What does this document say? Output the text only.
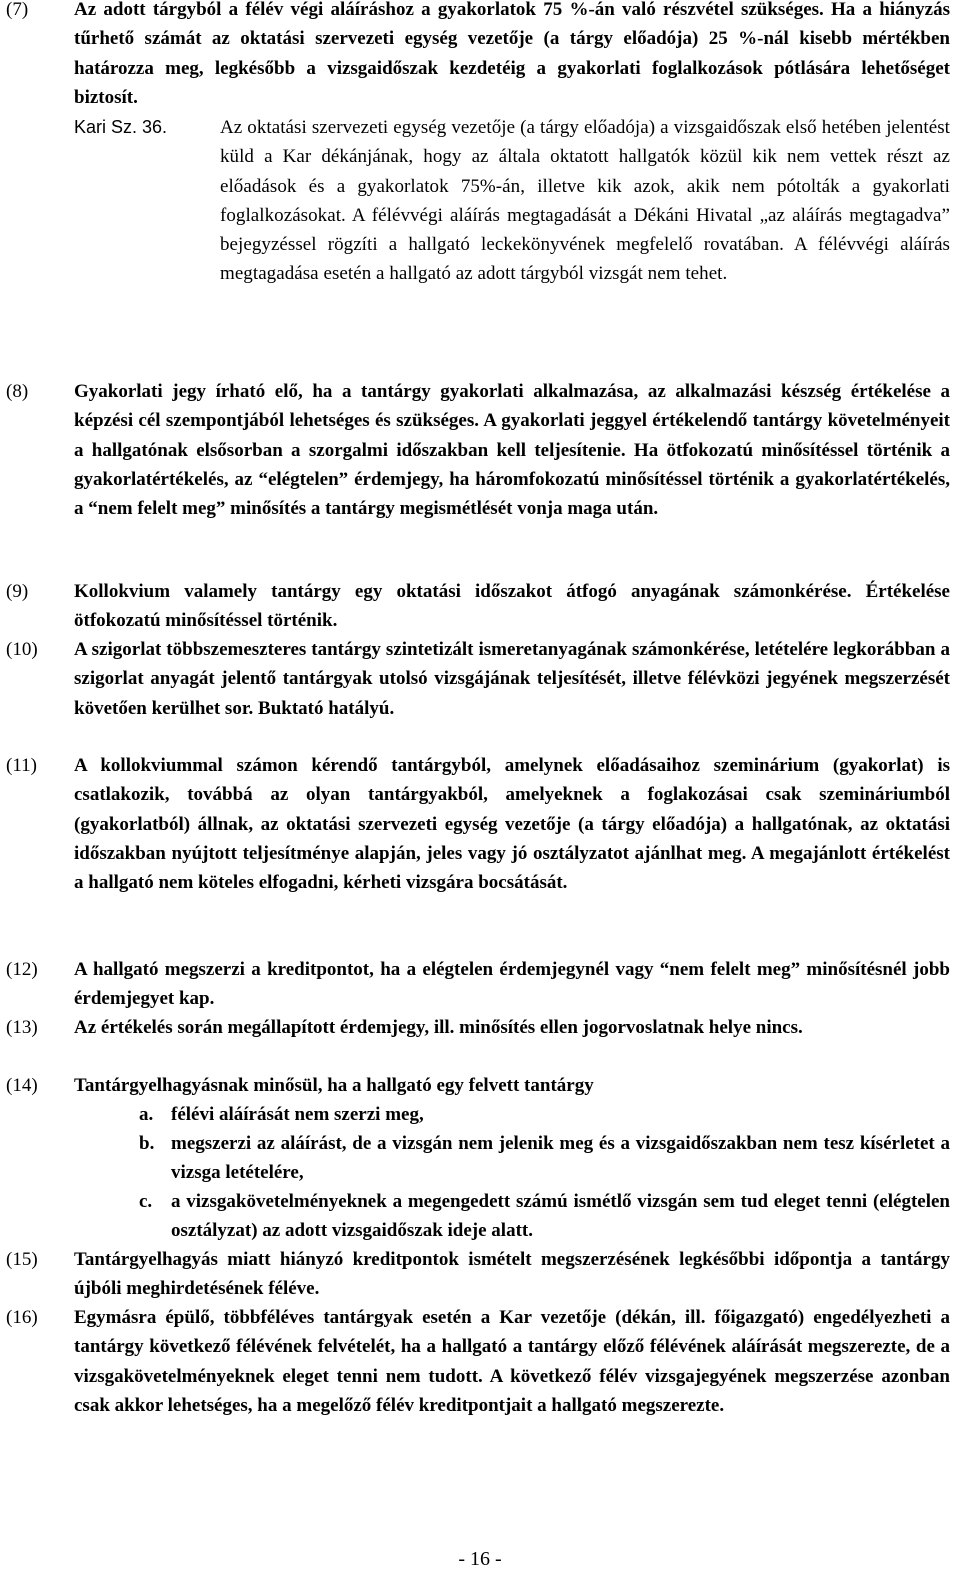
(7)	Az adott tárgyból a félév végi aláíráshoz a gyakorlatok 75 %-án való részvétel szükséges. Ha a hiányzás tűrhető számát az oktatási szervezeti egység vezetője (a tárgy előadója) 25 %-nál kisebb mértékben határozza meg, legkésőbb a vizsgaidőszak kezdetéig a gyakorlati foglalkozások pótlására lehetőséget biztosít.
Kari Sz. 36.	Az oktatási szervezeti egység vezetője (a tárgy előadója) a vizsgaidőszak első hetében jelentést küld a Kar dékánjának, hogy az általa oktatott hallgatók közül kik nem vettek részt az előadások és a gyakorlatok 75%-án, illetve kik azok, akik nem pótolták a gyakorlati foglalkozásokat. A félévvégi aláírás megtagadását a Dékáni Hivatal „az aláírás megtagadva” bejegyzéssel rögzíti a hallgató leckekönyvének megfelelő rovatában. A félévvégi aláírás megtagadása esetén a hallgató az adott tárgyból vizsgát nem tehet.
(8)	Gyakorlati jegy írható elő, ha a tantárgy gyakorlati alkalmazása, az alkalmazási készség értékelése a képzési cél szempontjából lehetséges és szükséges. A gyakorlati jeggyel értékelendő tantárgy követelményeit a hallgatónak elsősorban a szorgalmi időszakban kell teljesítenie. Ha ötfokozatú minősítéssel történik a gyakorlatértékelés, az “elégtelen” érdemjegy, ha háromfokozatú minősítéssel történik a gyakorlatértékelés, a “nem felelt meg” minősítés a tantárgy megismétlését vonja maga után.
(9)	Kollokvium valamely tantárgy egy oktatási időszakot átfogó anyagának számonkérése. Értékelése ötfokozatú minősítéssel történik.
(10)	A szigorlat többszemeszteres tantárgy szintetizált ismeretanyagának számonkérése, letételére legkorábban a szigorlat anyagát jelentő tantárgyak utolsó vizsgájának teljesítését, illetve félévközi jegyének megszerzését követően kerülhet sor. Buktató hatályú.
(11)	A kollokviummal számon kérendő tantárgyból, amelynek előadásaihoz szeminárium (gyakorlat) is csatlakozik, továbbá az olyan tantárgyakból, amelyeknek a foglakozásai csak szemináriumból (gyakorlatból) állnak, az oktatási szervezeti egység vezetője (a tárgy előadója) a hallgatónak, az oktatási időszakban nyújtott teljesítménye alapján, jeles vagy jó osztályzatot ajánlhat meg. A megajánlott értékelést a hallgató nem köteles elfogadni, kérheti vizsgára bocsátását.
(12)	A hallgató megszerzi a kreditpontot, ha a elégtelen érdemjegynél vagy “nem felelt meg” minősítésnél jobb érdemjegyet kap.
(13)	Az értékelés során megállapított érdemjegy, ill. minősítés ellen jogorvoslatnak helye nincs.
(14)	Tantárgyelhagyásnak minősül, ha a hallgató egy felvett tantárgy
a. félévi aláírását nem szerzi meg,
b. megszerzi az aláírást, de a vizsgán nem jelenik meg és a vizsgaidőszakban nem tesz kísérletet a vizsga letételére,
c. a vizsgakövetelményeknek a megengedett számú ismétlő vizsgán sem tud eleget tenni (elégtelen osztályzat) az adott vizsgaidőszak ideje alatt.
(15)	Tantárgyelhagyás miatt hiányzó kreditpontok ismételt megszerzésének legkésőbbi időpontja a tantárgy újbóli meghirdetésének féléve.
(16)	Egymásra épülő, többféléves tantárgyak esetén a Kar vezetője (dékán, ill. főigazgató) engedélyezheti a tantárgy következő félévének felvételét, ha a hallgató a tantárgy előző félévének aláírását megszerezte, de a vizsgakövetelményeknek eleget tenni nem tudott. A következő félév vizsgajegyének megszerzése azonban csak akkor lehetséges, ha a megelőző félév kreditpontjait a hallgató megszerezte.
- 16 -
